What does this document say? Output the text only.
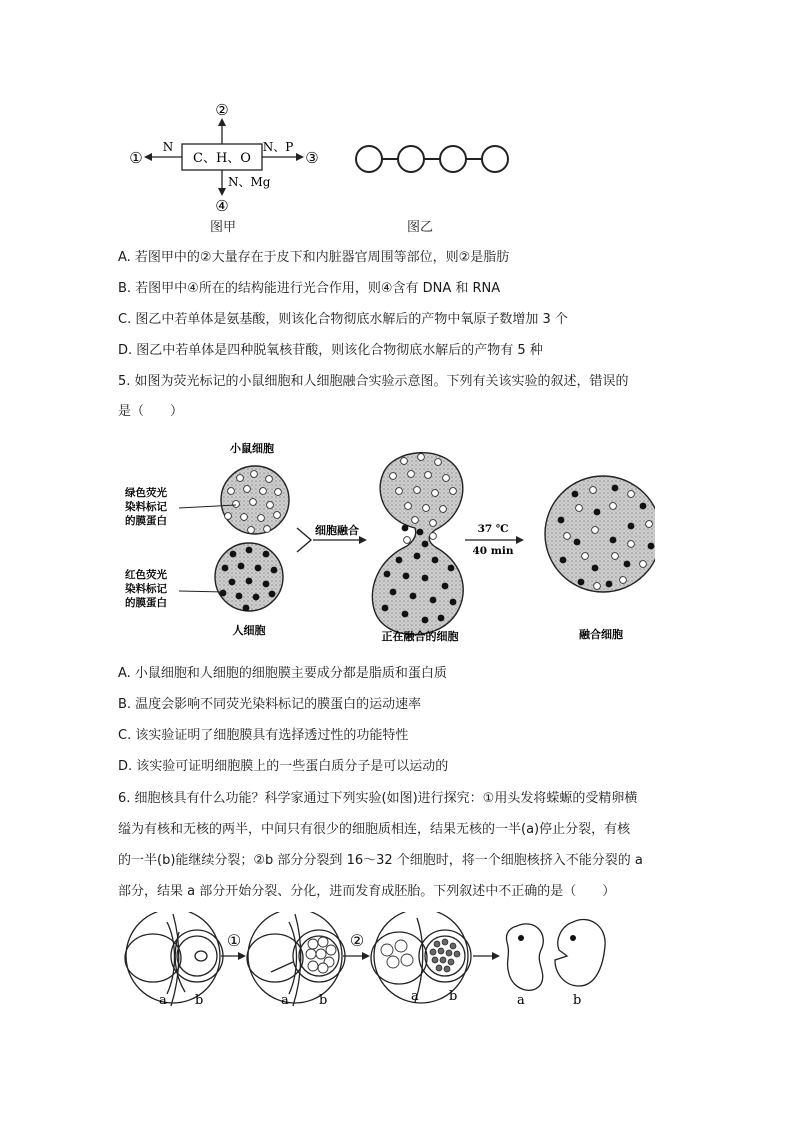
C、H、O
②
N
①
N、P
③
N、Mg
④
图甲	图乙
A. 若图甲中的②大量存在于皮下和内脏器官周围等部位，则②是脂肪
B. 若图甲中④所在的结构能进行光合作用，则④含有 DNA 和 RNA
C. 图乙中若单体是氨基酸，则该化合物彻底水解后的产物中氧原子数增加 3 个
D. 图乙中若单体是四种脱氧核苷酸，则该化合物彻底水解后的产物有 5 种
5. 如图为荧光标记的小鼠细胞和人细胞融合实验示意图。下列有关该实验的叙述，错误的
是（　　）
小鼠细胞
绿色荧光
染料标记
的膜蛋白
红色荧光
染料标记
的膜蛋白
人细胞
细胞融合
正在融合的细胞
37 ℃
40 min
融合细胞
A. 小鼠细胞和人细胞的细胞膜主要成分都是脂质和蛋白质
B. 温度会影响不同荧光染料标记的膜蛋白的运动速率
C. 该实验证明了细胞膜具有选择透过性的功能特性
D. 该实验可证明细胞膜上的一些蛋白质分子是可以运动的
6. 细胞核具有什么功能？科学家通过下列实验(如图)进行探究：①用头发将蝾螈的受精卵横
缢为有核和无核的两半，中间只有很少的细胞质相连，结果无核的一半(a)停止分裂，有核
的一半(b)能继续分裂；②b 部分分裂到 16～32 个细胞时，将一个细胞核挤入不能分裂的 a
部分，结果 a 部分开始分裂、分化，进而发育成胚胎。下列叙述中不正确的是（　　）
a b
①
a b
②
a b	a	b
